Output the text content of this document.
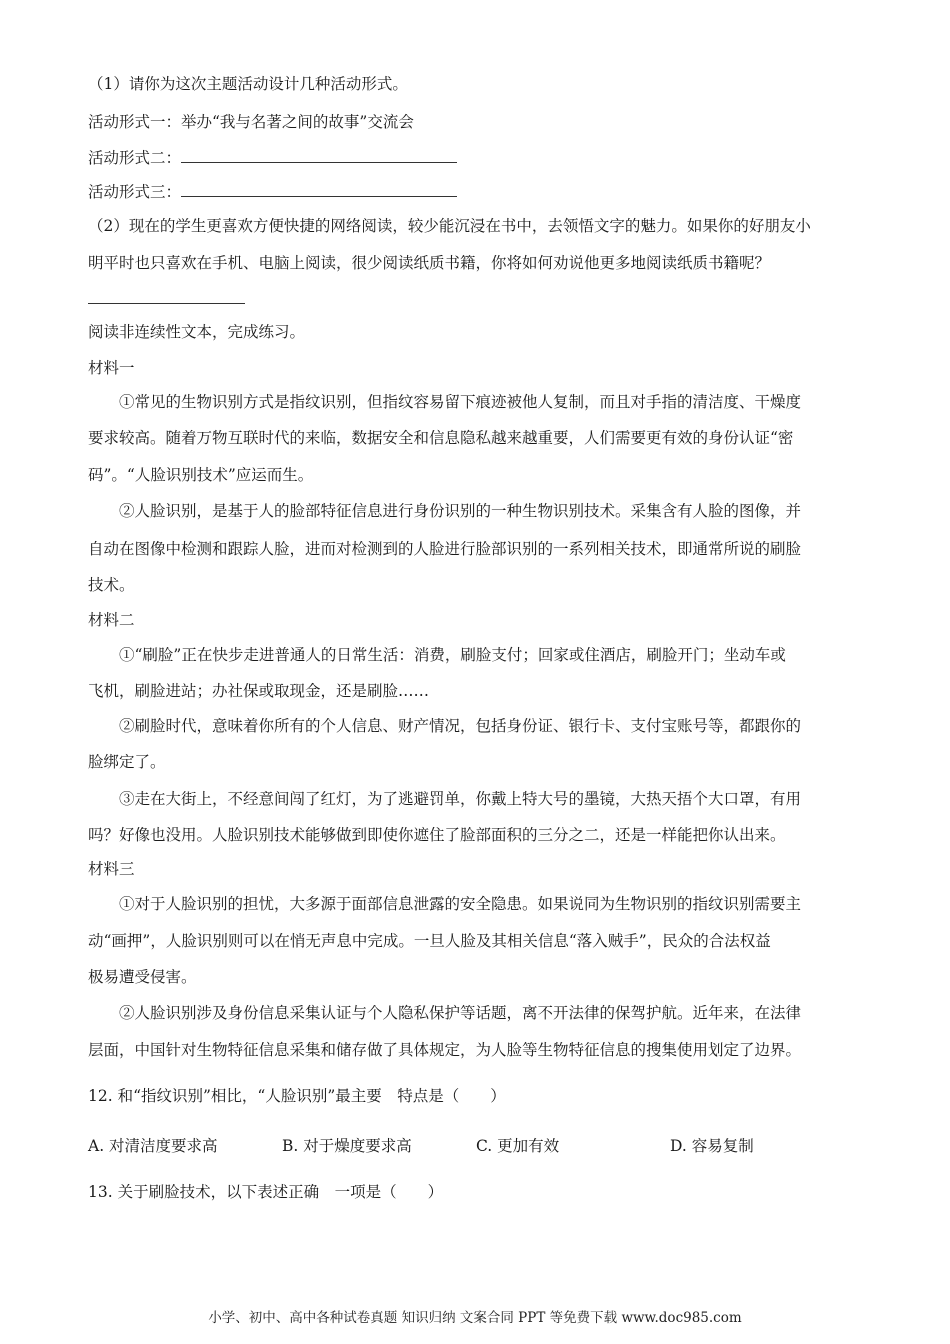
（1）请你为这次主题活动设计几种活动形式。
活动形式一：举办“我与名著之间的故事”交流会
活动形式二：
活动形式三：
（2）现在的学生更喜欢方便快捷的网络阅读，较少能沉浸在书中，去领悟文字的魅力。如果你的好朋友小
明平时也只喜欢在手机、电脑上阅读，很少阅读纸质书籍，你将如何劝说他更多地阅读纸质书籍呢？
阅读非连续性文本，完成练习。
材料一
①常见的生物识别方式是指纹识别，但指纹容易留下痕迹被他人复制，而且对手指的清洁度、干燥度
要求较高。随着万物互联时代的来临，数据安全和信息隐私越来越重要，人们需要更有效的身份认证“密
码”。“人脸识别技术”应运而生。
②人脸识别，是基于人的脸部特征信息进行身份识别的一种生物识别技术。采集含有人脸的图像，并
自动在图像中检测和跟踪人脸，进而对检测到的人脸进行脸部识别的一系列相关技术，即通常所说的刷脸
技术。
材料二
①“刷脸”正在快步走进普通人的日常生活：消费，刷脸支付；回家或住酒店，刷脸开门；坐动车或
飞机，刷脸进站；办社保或取现金，还是刷脸……
②刷脸时代，意味着你所有的个人信息、财产情况，包括身份证、银行卡、支付宝账号等，都跟你的
脸绑定了。
③走在大街上，不经意间闯了红灯，为了逃避罚单，你戴上特大号的墨镜，大热天捂个大口罩，有用
吗？好像也没用。人脸识别技术能够做到即使你遮住了脸部面积的三分之二，还是一样能把你认出来。
材料三
①对于人脸识别的担忧，大多源于面部信息泄露的安全隐患。如果说同为生物识别的指纹识别需要主
动“画押”，人脸识别则可以在悄无声息中完成。一旦人脸及其相关信息“落入贼手”，民众的合法权益
极易遭受侵害。
②人脸识别涉及身份信息采集认证与个人隐私保护等话题，离不开法律的保驾护航。近年来，在法律
层面，中国针对生物特征信息采集和储存做了具体规定，为人脸等生物特征信息的搜集使用划定了边界。
12. 和“指纹识别”相比，“人脸识别”最主要　特点是（　　）
A. 对清洁度要求高	B. 对于燥度要求高	C. 更加有效	D. 容易复制
13. 关于刷脸技术，以下表述正确　一项是（　　）
小学、初中、高中各种试卷真题 知识归纳 文案合同 PPT 等免费下载 www.doc985.com
